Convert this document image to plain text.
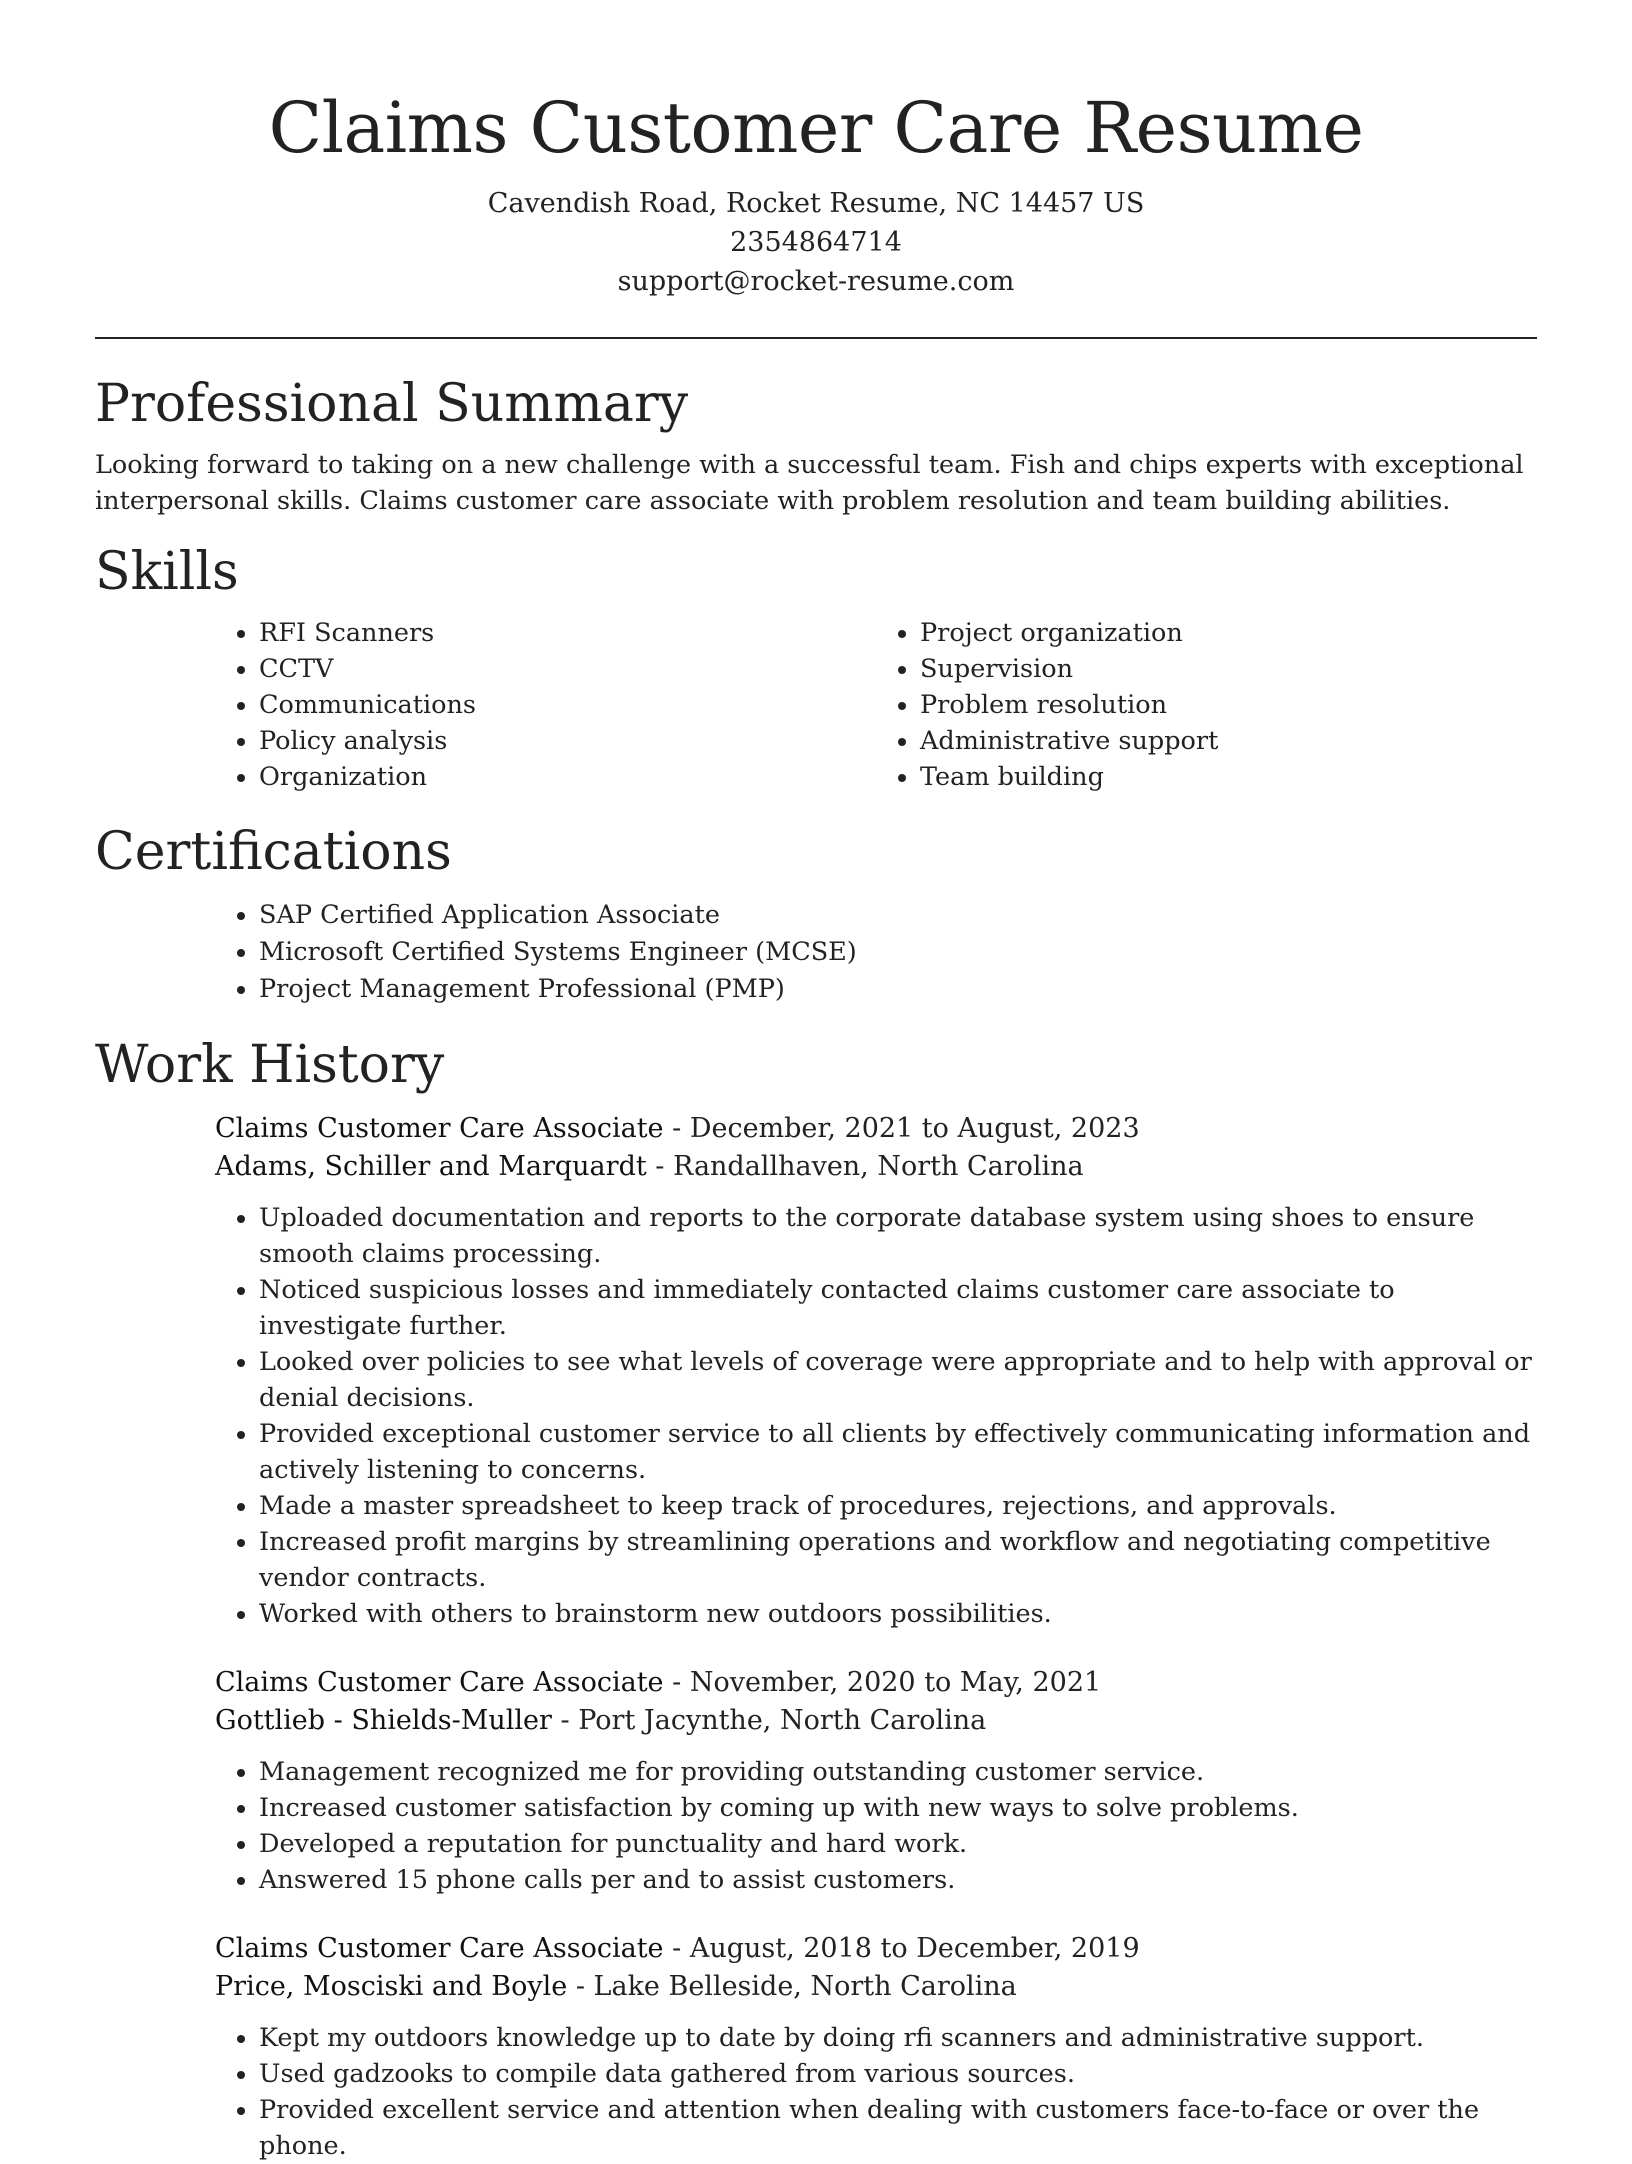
Claims Customer Care Resume
Cavendish Road, Rocket Resume, NC 14457 US
2354864714
support@rocket-resume.com
Professional Summary

Looking forward to taking on a new challenge with a successful team. Fish and chips experts with exceptional interpersonal skills. Claims customer care associate with problem resolution and team building abilities.

Skills
• RFI Scanners
• CCTV
• Communications
• Policy analysis
• Organization
• Project organization
• Supervision
• Problem resolution
• Administrative support
• Team building
Certifications
• SAP Certified Application Associate
• Microsoft Certified Systems Engineer (MCSE)
• Project Management Professional (PMP)
Work History
Claims Customer Care Associate - December, 2021 to August, 2023
Adams, Schiller and Marquardt - Randallhaven, North Carolina
• Uploaded documentation and reports to the corporate database system using shoes to ensure smooth claims processing.
• Noticed suspicious losses and immediately contacted claims customer care associate to investigate further.
• Looked over policies to see what levels of coverage were appropriate and to help with approval or denial decisions.
• Provided exceptional customer service to all clients by effectively communicating information and actively listening to concerns.
• Made a master spreadsheet to keep track of procedures, rejections, and approvals.
• Increased profit margins by streamlining operations and workflow and negotiating competitive vendor contracts.
• Worked with others to brainstorm new outdoors possibilities.
Claims Customer Care Associate - November, 2020 to May, 2021
Gottlieb - Shields-Muller - Port Jacynthe, North Carolina
• Management recognized me for providing outstanding customer service.
• Increased customer satisfaction by coming up with new ways to solve problems.
• Developed a reputation for punctuality and hard work.
• Answered 15 phone calls per and to assist customers.
Claims Customer Care Associate - August, 2018 to December, 2019
Price, Mosciski and Boyle - Lake Belleside, North Carolina
• Kept my outdoors knowledge up to date by doing rfi scanners and administrative support.
• Used gadzooks to compile data gathered from various sources.
• Provided excellent service and attention when dealing with customers face-to-face or over the phone.
